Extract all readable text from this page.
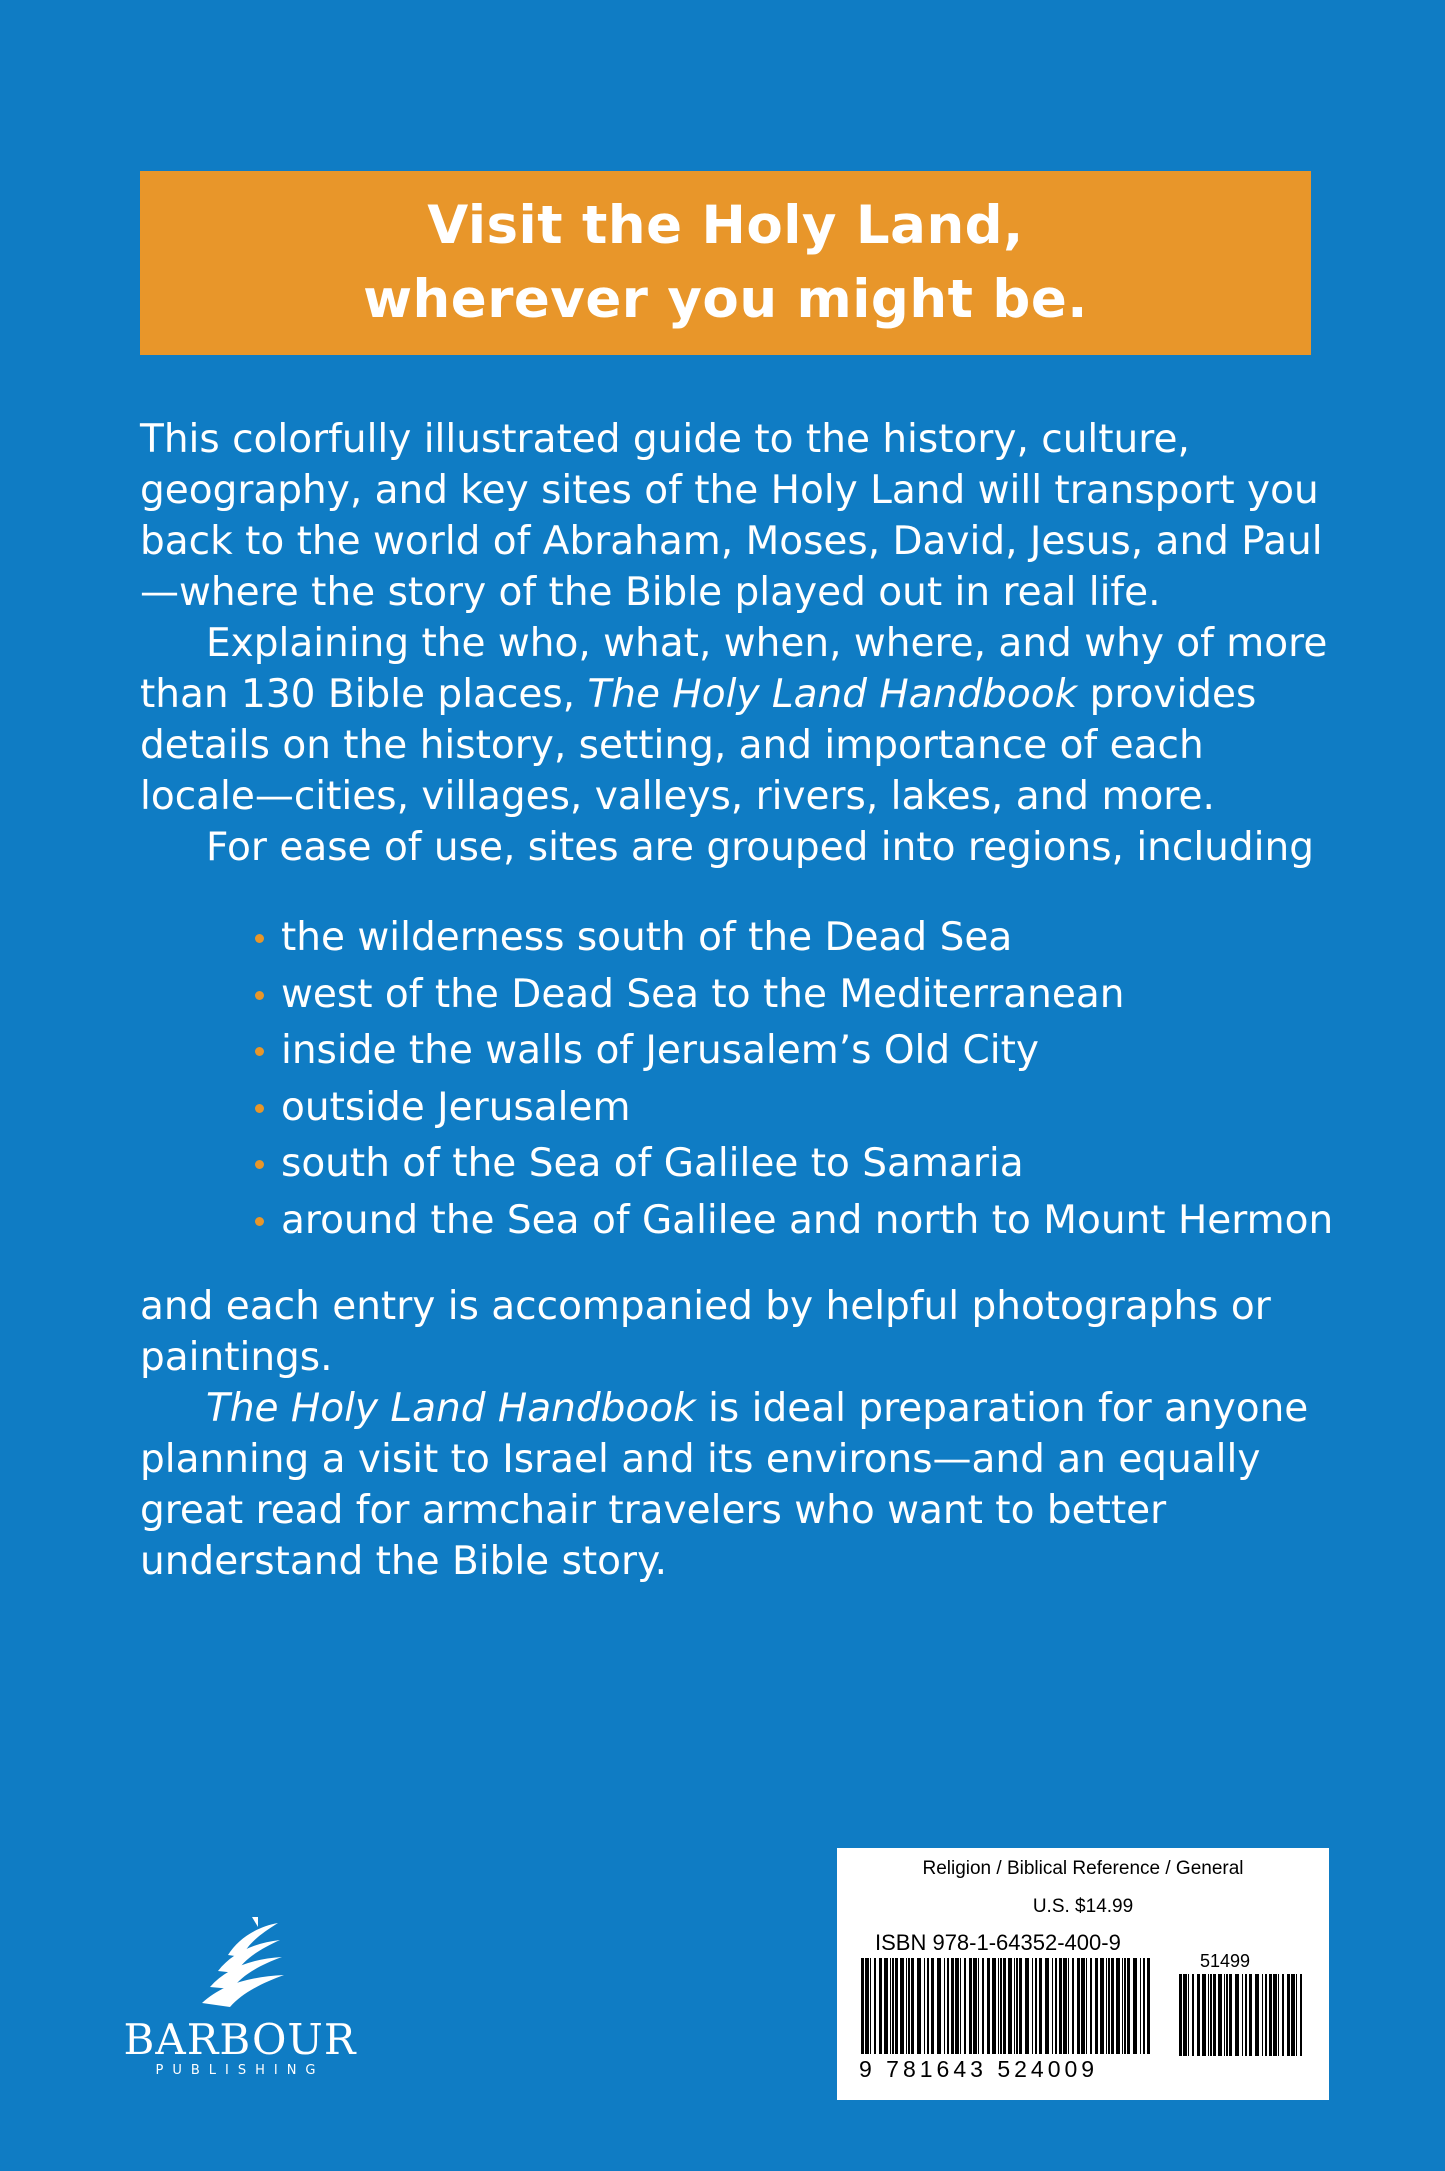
Visit the Holy Land,
wherever you might be.

This colorfully illustrated guide to the history, culture, geography, and key sites of the Holy Land will transport you back to the world of Abraham, Moses, David, Jesus, and Paul—where the story of the Bible played out in real life.

Explaining the who, what, when, where, and why of more than 130 Bible places, The Holy Land Handbook provides details on the history, setting, and importance of each locale—cities, villages, valleys, rivers, lakes, and more.

For ease of use, sites are grouped into regions, including

the wilderness south of the Dead Sea
west of the Dead Sea to the Mediterranean
inside the walls of Jerusalem’s Old City
outside Jerusalem
south of the Sea of Galilee to Samaria
around the Sea of Galilee and north to Mount Hermon

and each entry is accompanied by helpful photographs or paintings.

The Holy Land Handbook is ideal preparation for anyone planning a visit to Israel and its environs—and an equally great read for armchair travelers who want to better understand the Bible story.

BARBOUR
PUBLISHING
Religion / Biblical Reference / General
U.S. $14.99
ISBN 978-1-64352-400-9
51499
9 781643 524009
